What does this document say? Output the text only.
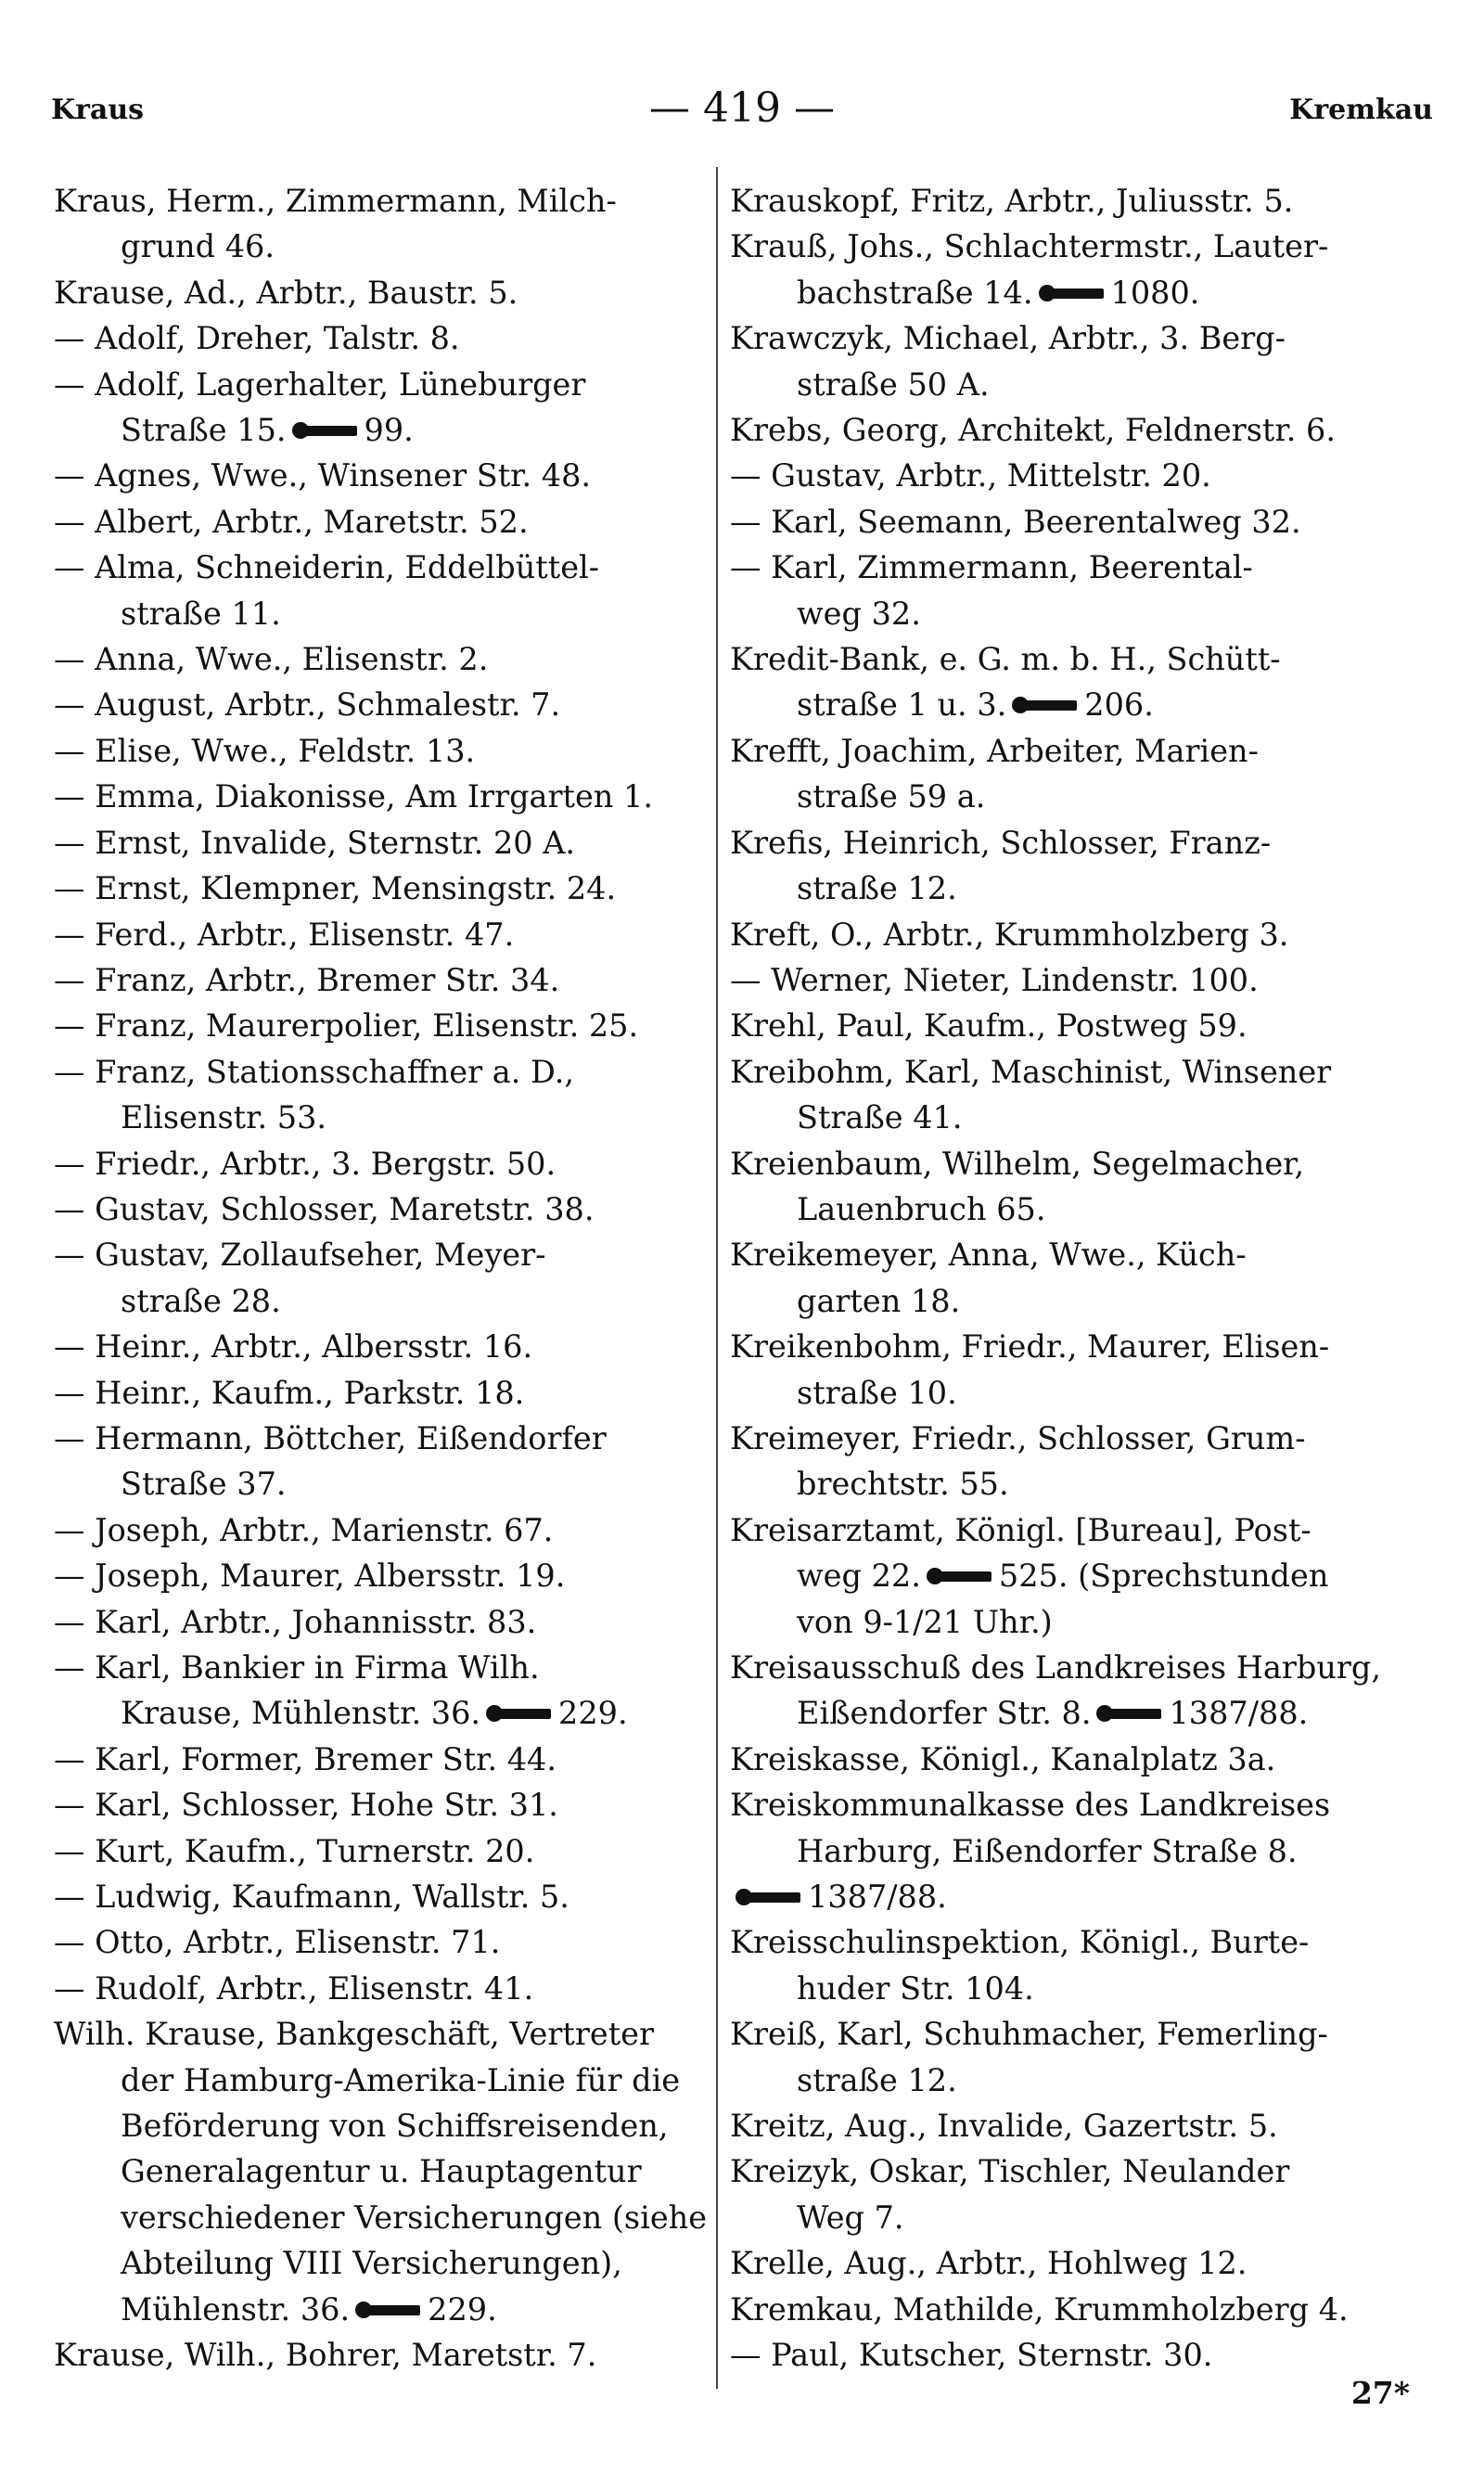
Kraus	— 419 —	Kremkau
Kraus, Herm., Zimmermann, Milch-
grund 46.
Krause, Ad., Arbtr., Baustr. 5.
— Adolf, Dreher, Talstr. 8.
— Adolf, Lagerhalter, Lüneburger
Straße 15.	99.
— Agnes, Wwe., Winsener Str. 48.
— Albert, Arbtr., Maretstr. 52.
— Alma, Schneiderin, Eddelbüttel-
straße 11.
— Anna, Wwe., Elisenstr. 2.
— August, Arbtr., Schmalestr. 7.
— Elise, Wwe., Feldstr. 13.
— Emma, Diakonisse, Am Irrgarten 1.
— Ernst, Invalide, Sternstr. 20 A.
— Ernst, Klempner, Mensingstr. 24.
— Ferd., Arbtr., Elisenstr. 47.
— Franz, Arbtr., Bremer Str. 34.
— Franz, Maurerpolier, Elisenstr. 25.
— Franz, Stationsschaffner a. D.,
Elisenstr. 53.
— Friedr., Arbtr., 3. Bergstr. 50.
— Gustav, Schlosser, Maretstr. 38.
— Gustav, Zollaufseher, Meyer-
straße 28.
— Heinr., Arbtr., Albersstr. 16.
— Heinr., Kaufm., Parkstr. 18.
— Hermann, Böttcher, Eißendorfer
Straße 37.
— Joseph, Arbtr., Marienstr. 67.
— Joseph, Maurer, Albersstr. 19.
— Karl, Arbtr., Johannisstr. 83.
— Karl, Bankier in Firma Wilh.
Krause, Mühlenstr. 36.	229.
— Karl, Former, Bremer Str. 44.
— Karl, Schlosser, Hohe Str. 31.
— Kurt, Kaufm., Turnerstr. 20.
— Ludwig, Kaufmann, Wallstr. 5.
— Otto, Arbtr., Elisenstr. 71.
— Rudolf, Arbtr., Elisenstr. 41.
Wilh. Krause, Bankgeschäft, Vertreter
der Hamburg-Amerika-Linie für die
Beförderung von Schiffsreisenden,
Generalagentur u. Hauptagentur
verschiedener Versicherungen (siehe
Abteilung VIII Versicherungen),
Mühlenstr. 36.	229.
Krause, Wilh., Bohrer, Maretstr. 7.
Krauskopf, Fritz, Arbtr., Juliusstr. 5.
Krauß, Johs., Schlachtermstr., Lauter-
bachstraße 14.	1080.
Krawczyk, Michael, Arbtr., 3. Berg-
straße 50 A.
Krebs, Georg, Architekt, Feldnerstr. 6.
— Gustav, Arbtr., Mittelstr. 20.
— Karl, Seemann, Beerentalweg 32.
— Karl, Zimmermann, Beerental-
weg 32.
Kredit-Bank, e. G. m. b. H., Schütt-
straße 1 u. 3.	206.
Krefft, Joachim, Arbeiter, Marien-
straße 59 a.
Krefis, Heinrich, Schlosser, Franz-
straße 12.
Kreft, O., Arbtr., Krummholzberg 3.
— Werner, Nieter, Lindenstr. 100.
Krehl, Paul, Kaufm., Postweg 59.
Kreibohm, Karl, Maschinist, Winsener
Straße 41.
Kreienbaum, Wilhelm, Segelmacher,
Lauenbruch 65.
Kreikemeyer, Anna, Wwe., Küch-
garten 18.
Kreikenbohm, Friedr., Maurer, Elisen-
straße 10.
Kreimeyer, Friedr., Schlosser, Grum-
brechtstr. 55.
Kreisarztamt, Königl. [Bureau], Post-
weg 22.	525. (Sprechstunden
von 9-1/21 Uhr.)
Kreisausschuß des Landkreises Harburg,
Eißendorfer Str. 8.	1387/88.
Kreiskasse, Königl., Kanalplatz 3a.
Kreiskommunalkasse des Landkreises
Harburg, Eißendorfer Straße 8.
1387/88.
Kreisschulinspektion, Königl., Burte-
huder Str. 104.
Kreiß, Karl, Schuhmacher, Femerling-
straße 12.
Kreitz, Aug., Invalide, Gazertstr. 5.
Kreizyk, Oskar, Tischler, Neulander
Weg 7.
Krelle, Aug., Arbtr., Hohlweg 12.
Kremkau, Mathilde, Krummholzberg 4.
— Paul, Kutscher, Sternstr. 30.
27*
